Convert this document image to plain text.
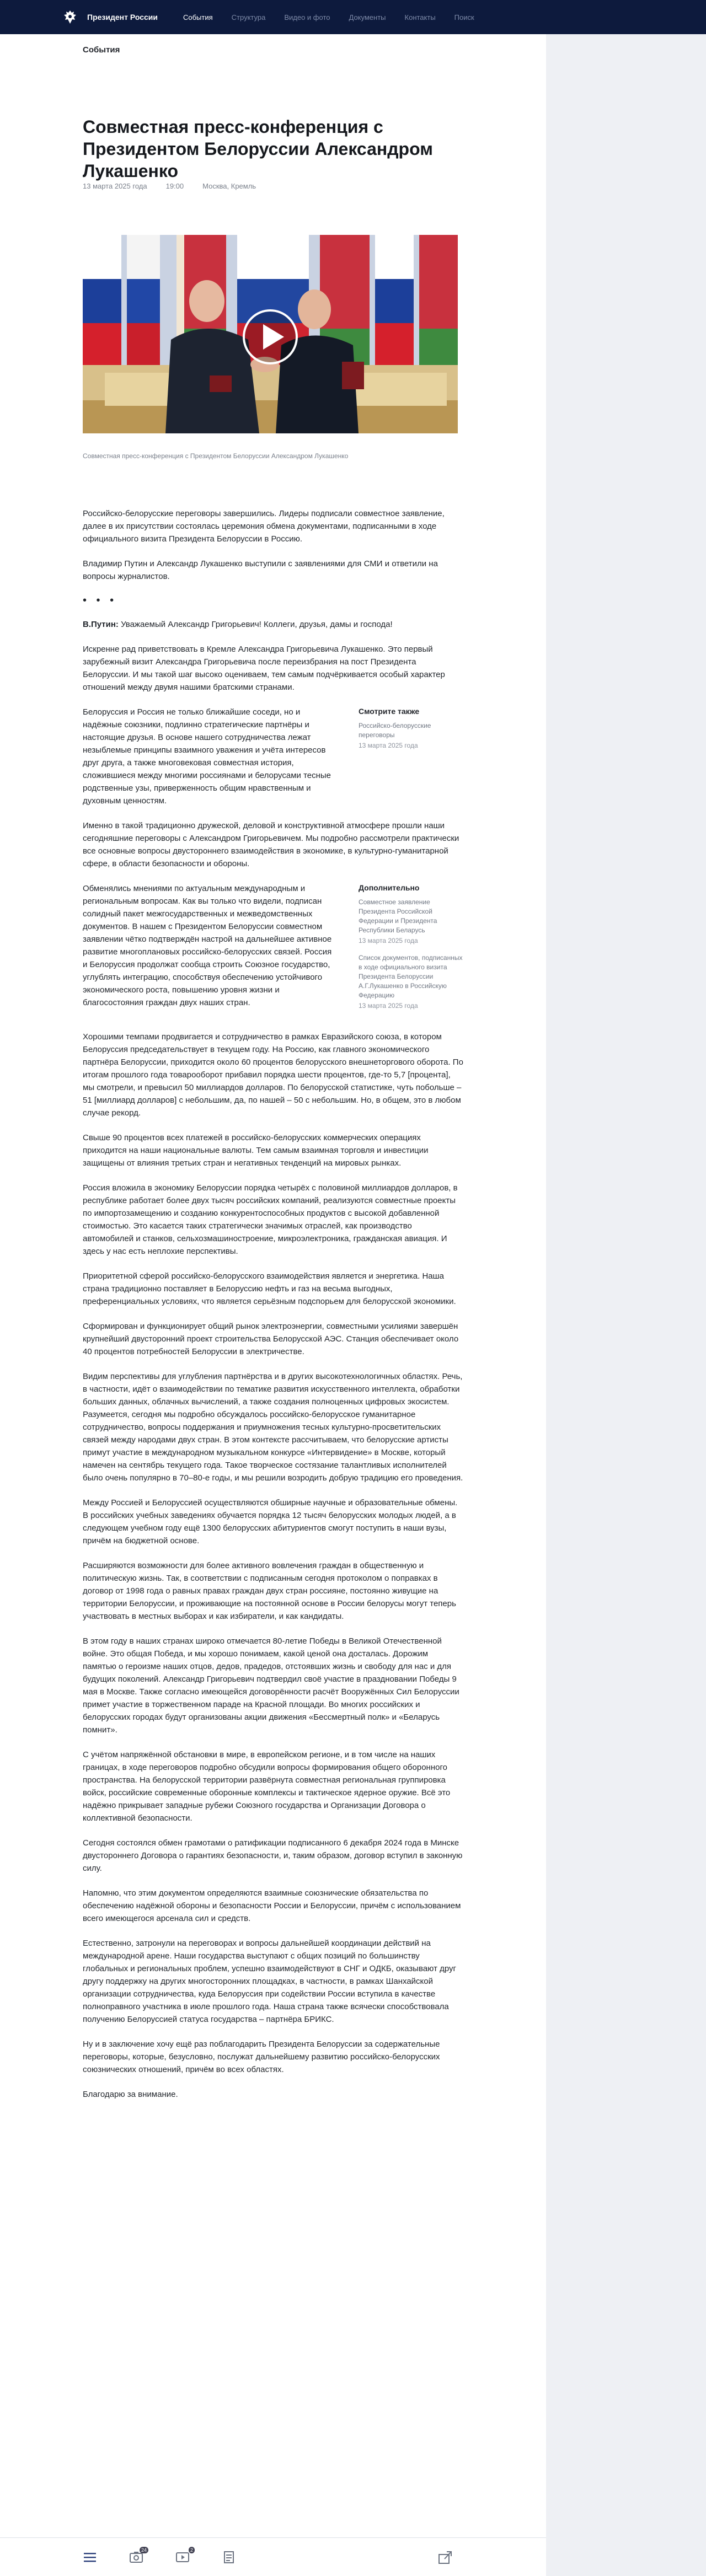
Президент России	События	Структура	Видео и фото	Документы	Контакты	Поиск
События
Совместная пресс-конференция с Президентом Белоруссии Александром Лукашенко
13 марта 2025 года	19:00	Москва, Кремль
Совместная пресс-конференция с Президентом Белоруссии Александром Лукашенко

Российско-белорусские переговоры завершились. Лидеры подписали совместное заявление, далее в их присутствии состоялась церемония обмена документами, подписанными в ходе официального визита Президента Белоруссии в Россию.

Владимир Путин и Александр Лукашенко выступили с заявлениями для СМИ и ответили на вопросы журналистов.

• • •

В.Путин: Уважаемый Александр Григорьевич! Коллеги, друзья, дамы и господа!

Искренне рад приветствовать в Кремле Александра Григорьевича Лукашенко. Это первый зарубежный визит Александра Григорьевича после переизбрания на пост Президента Белоруссии. И мы такой шаг высоко оцениваем, тем самым подчёркивается особый характер отношений между двумя нашими братскими странами.

Белоруссия и Россия не только ближайшие соседи, но и надёжные союзники, подлинно стратегические партнёры и настоящие друзья. В основе нашего сотрудничества лежат незыблемые принципы взаимного уважения и учёта интересов друг друга, а также многовековая совместная история, сложившиеся между многими россиянами и белорусами тесные родственные узы, приверженность общим нравственным и духовным ценностям.

Смотрите также
Российско-белорусские переговоры
13 марта 2025 года

Именно в такой традиционно дружеской, деловой и конструктивной атмосфере прошли наши сегодняшние переговоры с Александром Григорьевичем. Мы подробно рассмотрели практически все основные вопросы двустороннего взаимодействия в экономике, в культурно-гуманитарной сфере, в области безопасности и обороны.

Обменялись мнениями по актуальным международным и региональным вопросам. Как вы только что видели, подписан солидный пакет межгосударственных и межведомственных документов. В нашем с Президентом Белоруссии совместном заявлении чётко подтверждён настрой на дальнейшее активное развитие многоплановых российско-белорусских связей. Россия и Белоруссия продолжат сообща строить Союзное государство, углублять интеграцию, способствуя обеспечению устойчивого экономического роста, повышению уровня жизни и благосостояния граждан двух наших стран.

Дополнительно
Совместное заявление Президента Российской Федерации и Президента Республики Беларусь
13 марта 2025 года
Список документов, подписанных в ходе официального визита Президента Белоруссии А.Г.Лукашенко в Российскую Федерацию
13 марта 2025 года

Хорошими темпами продвигается и сотрудничество в рамках Евразийского союза, в котором Белоруссия председательствует в текущем году. На Россию, как главного экономического партнёра Белоруссии, приходится около 60 процентов белорусского внешнеторгового оборота. По итогам прошлого года товарооборот прибавил порядка шести процентов, где-то 5,7 [процента], мы смотрели, и превысил 50 миллиардов долларов. По белорусской статистике, чуть побольше – 51 [миллиард долларов] с небольшим, да, по нашей – 50 с небольшим. Но, в общем, это в любом случае рекорд.

Свыше 90 процентов всех платежей в российско-белорусских коммерческих операциях приходится на наши национальные валюты. Тем самым взаимная торговля и инвестиции защищены от влияния третьих стран и негативных тенденций на мировых рынках.

Россия вложила в экономику Белоруссии порядка четырёх с половиной миллиардов долларов, в республике работает более двух тысяч российских компаний, реализуются совместные проекты по импортозамещению и созданию конкурентоспособных продуктов с высокой добавленной стоимостью. Это касается таких стратегически значимых отраслей, как производство автомобилей и станков, сельхозмашиностроение, микроэлектроника, гражданская авиация. И здесь у нас есть неплохие перспективы.

Приоритетной сферой российско-белорусского взаимодействия является и энергетика. Наша страна традиционно поставляет в Белоруссию нефть и газ на весьма выгодных, преференциальных условиях, что является серьёзным подспорьем для белорусской экономики.

Сформирован и функционирует общий рынок электроэнергии, совместными усилиями завершён крупнейший двусторонний проект строительства Белорусской АЭС. Станция обеспечивает около 40 процентов потребностей Белоруссии в электричестве.

Видим перспективы для углубления партнёрства и в других высокотехнологичных областях. Речь, в частности, идёт о взаимодействии по тематике развития искусственного интеллекта, обработки больших данных, облачных вычислений, а также создания полноценных цифровых экосистем. Разумеется, сегодня мы подробно обсуждалось российско-белорусское гуманитарное сотрудничество, вопросы поддержания и приумножения тесных культурно-просветительских связей между народами двух стран. В этом контексте рассчитываем, что белорусские артисты примут участие в международном музыкальном конкурсе «Интервидение» в Москве, который намечен на сентябрь текущего года. Такое творческое состязание талантливых исполнителей было очень популярно в 70–80-е годы, и мы решили возродить добрую традицию его проведения.

Между Россией и Белоруссией осуществляются обширные научные и образовательные обмены. В российских учебных заведениях обучается порядка 12 тысяч белорусских молодых людей, а в следующем учебном году ещё 1300 белорусских абитуриентов смогут поступить в наши вузы, причём на бюджетной основе.

Расширяются возможности для более активного вовлечения граждан в общественную и политическую жизнь. Так, в соответствии с подписанным сегодня протоколом о поправках в договор от 1998 года о равных правах граждан двух стран россияне, постоянно живущие на территории Белоруссии, и проживающие на постоянной основе в России белорусы могут теперь участвовать в местных выборах и как избиратели, и как кандидаты.

В этом году в наших странах широко отмечается 80-летие Победы в Великой Отечественной войне. Это общая Победа, и мы хорошо понимаем, какой ценой она досталась. Дорожим памятью о героизме наших отцов, дедов, прадедов, отстоявших жизнь и свободу для нас и для будущих поколений. Александр Григорьевич подтвердил своё участие в праздновании Победы 9 мая в Москве. Также согласно имеющейся договорённости расчёт Вооружённых Сил Белоруссии примет участие в торжественном параде на Красной площади. Во многих российских и белорусских городах будут организованы акции движения «Бессмертный полк» и «Беларусь помнит».

С учётом напряжённой обстановки в мире, в европейском регионе, и в том числе на наших границах, в ходе переговоров подробно обсудили вопросы формирования общего оборонного пространства. На белорусской территории развёрнута совместная региональная группировка войск, российские современные оборонные комплексы и тактическое ядерное оружие. Всё это надёжно прикрывает западные рубежи Союзного государства и Организации Договора о коллективной безопасности.

Сегодня состоялся обмен грамотами о ратификации подписанного 6 декабря 2024 года в Минске двустороннего Договора о гарантиях безопасности, и, таким образом, договор вступил в законную силу.

Напомню, что этим документом определяются взаимные союзнические обязательства по обеспечению надёжной обороны и безопасности России и Белоруссии, причём с использованием всего имеющегося арсенала сил и средств.

Естественно, затронули на переговорах и вопросы дальнейшей координации действий на международной арене. Наши государства выступают с общих позиций по большинству глобальных и региональных проблем, успешно взаимодействуют в СНГ и ОДКБ, оказывают друг другу поддержку на других многосторонних площадках, в частности, в рамках Шанхайской организации сотрудничества, куда Белоруссия при содействии России вступила в качестве полноправного участника в июле прошлого года. Наша страна также всячески способствовала получению Белоруссией статуса государства – партнёра БРИКС.

Ну и в заключение хочу ещё раз поблагодарить Президента Белоруссии за содержательные переговоры, которые, безусловно, послужат дальнейшему развитию российско-белорусских союзнических отношений, причём во всех областях.

Благодарю за внимание.

24	2
